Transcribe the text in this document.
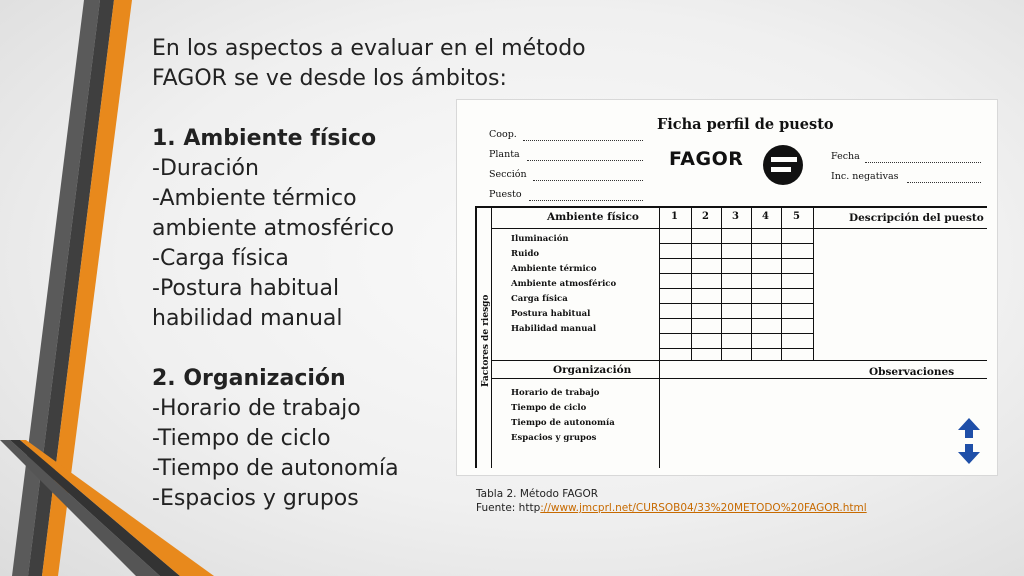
En los aspectos a evaluar en el método
FAGOR se ve desde los ámbitos:
1. Ambiente físico
-Duración
-Ambiente térmico
ambiente atmosférico
-Carga física
-Postura habitual
habilidad manual
2. Organización
-Horario de trabajo
-Tiempo de ciclo
-Tiempo de autonomía
-Espacios y grupos
Coop.
Planta
Sección
Puesto
Ficha perfil de puesto
FAGOR	Fecha
Inc. negativas
Ambiente físico	1 2 3 4 5	Descripción del puesto
Factores de riesgo
Iluminación
Ruido
Ambiente térmico
Ambiente atmosférico
Carga física
Postura habitual
Habilidad manual
Organización	Observaciones
Horario de trabajo
Tiempo de ciclo
Tiempo de autonomía
Espacios y grupos
Tabla 2. Método FAGOR
Fuente: http://www.jmcprl.net/CURSOB04/33%20METODO%20FAGOR.html
